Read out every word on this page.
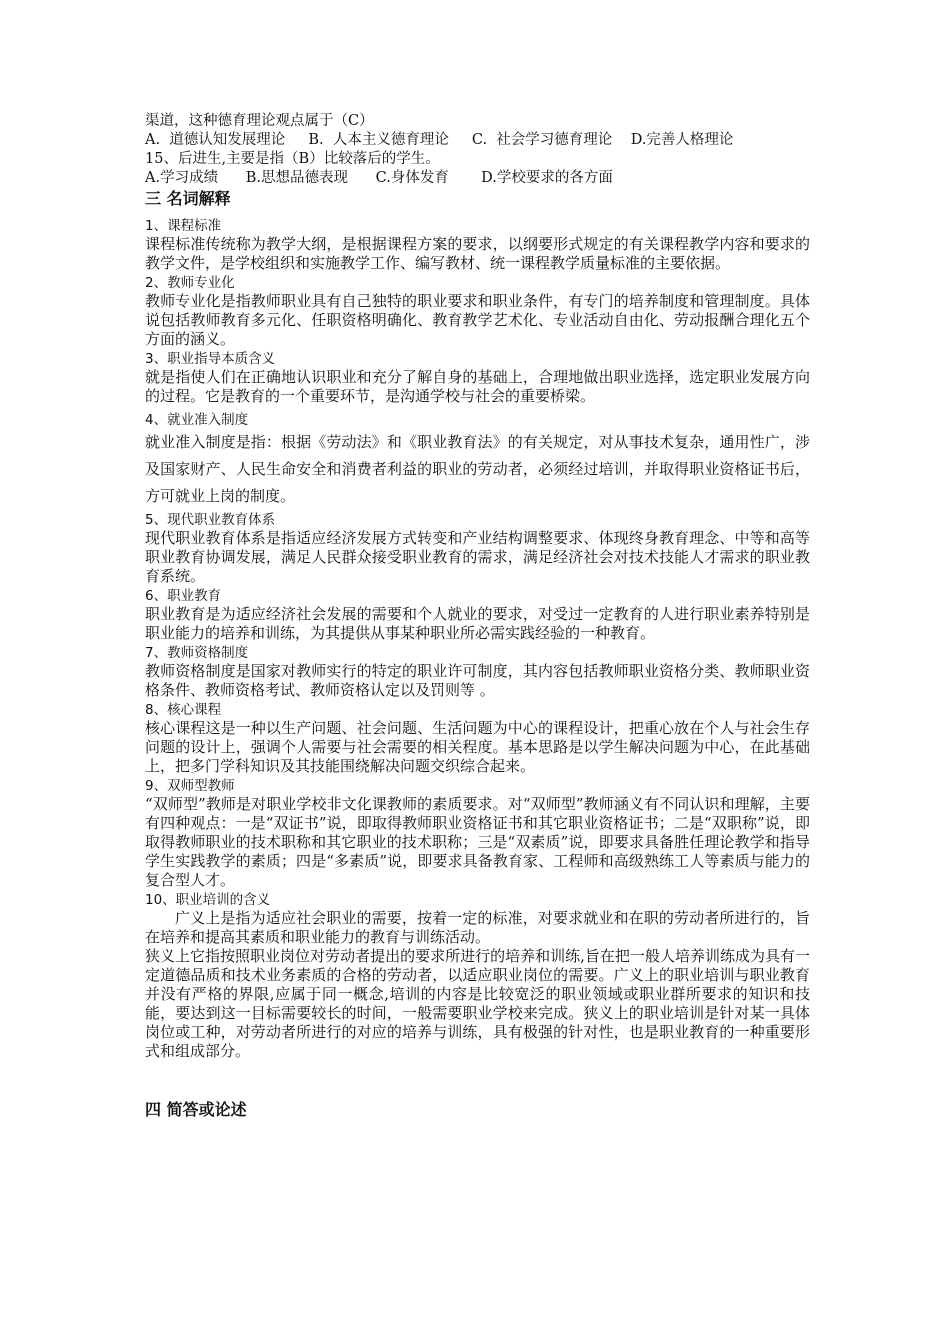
渠道，这种德育理论观点属于（C）

A.  道德认知发展理论     B.  人本主义德育理论     C.  社会学习德育理论    D.完善人格理论

15、后进生,主要是指（B）比较落后的学生。

A.学习成绩      B.思想品德表现      C.身体发育       D.学校要求的各方面

三 名词解释

1、课程标准

课程标准传统称为教学大纲，是根据课程方案的要求，以纲要形式规定的有关课程教学内容和要求的教学文件，是学校组织和实施教学工作、编写教材、统一课程教学质量标准的主要依据。

2、教师专业化

教师专业化是指教师职业具有自己独特的职业要求和职业条件，有专门的培养制度和管理制度。具体说包括教师教育多元化、任职资格明确化、教育教学艺术化、专业活动自由化、劳动报酬合理化五个方面的涵义。

3、职业指导本质含义

就是指使人们在正确地认识职业和充分了解自身的基础上，合理地做出职业选择，选定职业发展方向的过程。它是教育的一个重要环节，是沟通学校与社会的重要桥梁。

4、就业准入制度

就业准入制度是指：根据《劳动法》和《职业教育法》的有关规定，对从事技术复杂，通用性广，涉及国家财产、人民生命安全和消费者利益的职业的劳动者，必须经过培训，并取得职业资格证书后，方可就业上岗的制度。

5、现代职业教育体系

现代职业教育体系是指适应经济发展方式转变和产业结构调整要求、体现终身教育理念、中等和高等职业教育协调发展，满足人民群众接受职业教育的需求，满足经济社会对技术技能人才需求的职业教育系统。

6、职业教育

职业教育是为适应经济社会发展的需要和个人就业的要求，对受过一定教育的人进行职业素养特别是职业能力的培养和训练，为其提供从事某种职业所必需实践经验的一种教育。

7、教师资格制度

教师资格制度是国家对教师实行的特定的职业许可制度，其内容包括教师职业资格分类、教师职业资格条件、教师资格考试、教师资格认定以及罚则等 。

8、核心课程

核心课程这是一种以生产问题、社会问题、生活问题为中心的课程设计，把重心放在个人与社会生存问题的设计上，强调个人需要与社会需要的相关程度。基本思路是以学生解决问题为中心，在此基础上，把多门学科知识及其技能围绕解决问题交织综合起来。

9、双师型教师

“双师型”教师是对职业学校非文化课教师的素质要求。对“双师型”教师涵义有不同认识和理解，主要有四种观点：一是“双证书”说，即取得教师职业资格证书和其它职业资格证书；二是“双职称”说，即取得教师职业的技术职称和其它职业的技术职称；三是“双素质”说，即要求具备胜任理论教学和指导学生实践教学的素质；四是“多素质”说，即要求具备教育家、工程师和高级熟练工人等素质与能力的复合型人才。

10、职业培训的含义

广义上是指为适应社会职业的需要，按着一定的标准，对要求就业和在职的劳动者所进行的，旨在培养和提高其素质和职业能力的教育与训练活动。

狭义上它指按照职业岗位对劳动者提出的要求所进行的培养和训练,旨在把一般人培养训练成为具有一定道德品质和技术业务素质的合格的劳动者，以适应职业岗位的需要。广义上的职业培训与职业教育并没有严格的界限,应属于同一概念,培训的内容是比较宽泛的职业领域或职业群所要求的知识和技能，要达到这一目标需要较长的时间，一般需要职业学校来完成。狭义上的职业培训是针对某一具体岗位或工种，对劳动者所进行的对应的培养与训练，具有极强的针对性，也是职业教育的一种重要形式和组成部分。

四 简答或论述
